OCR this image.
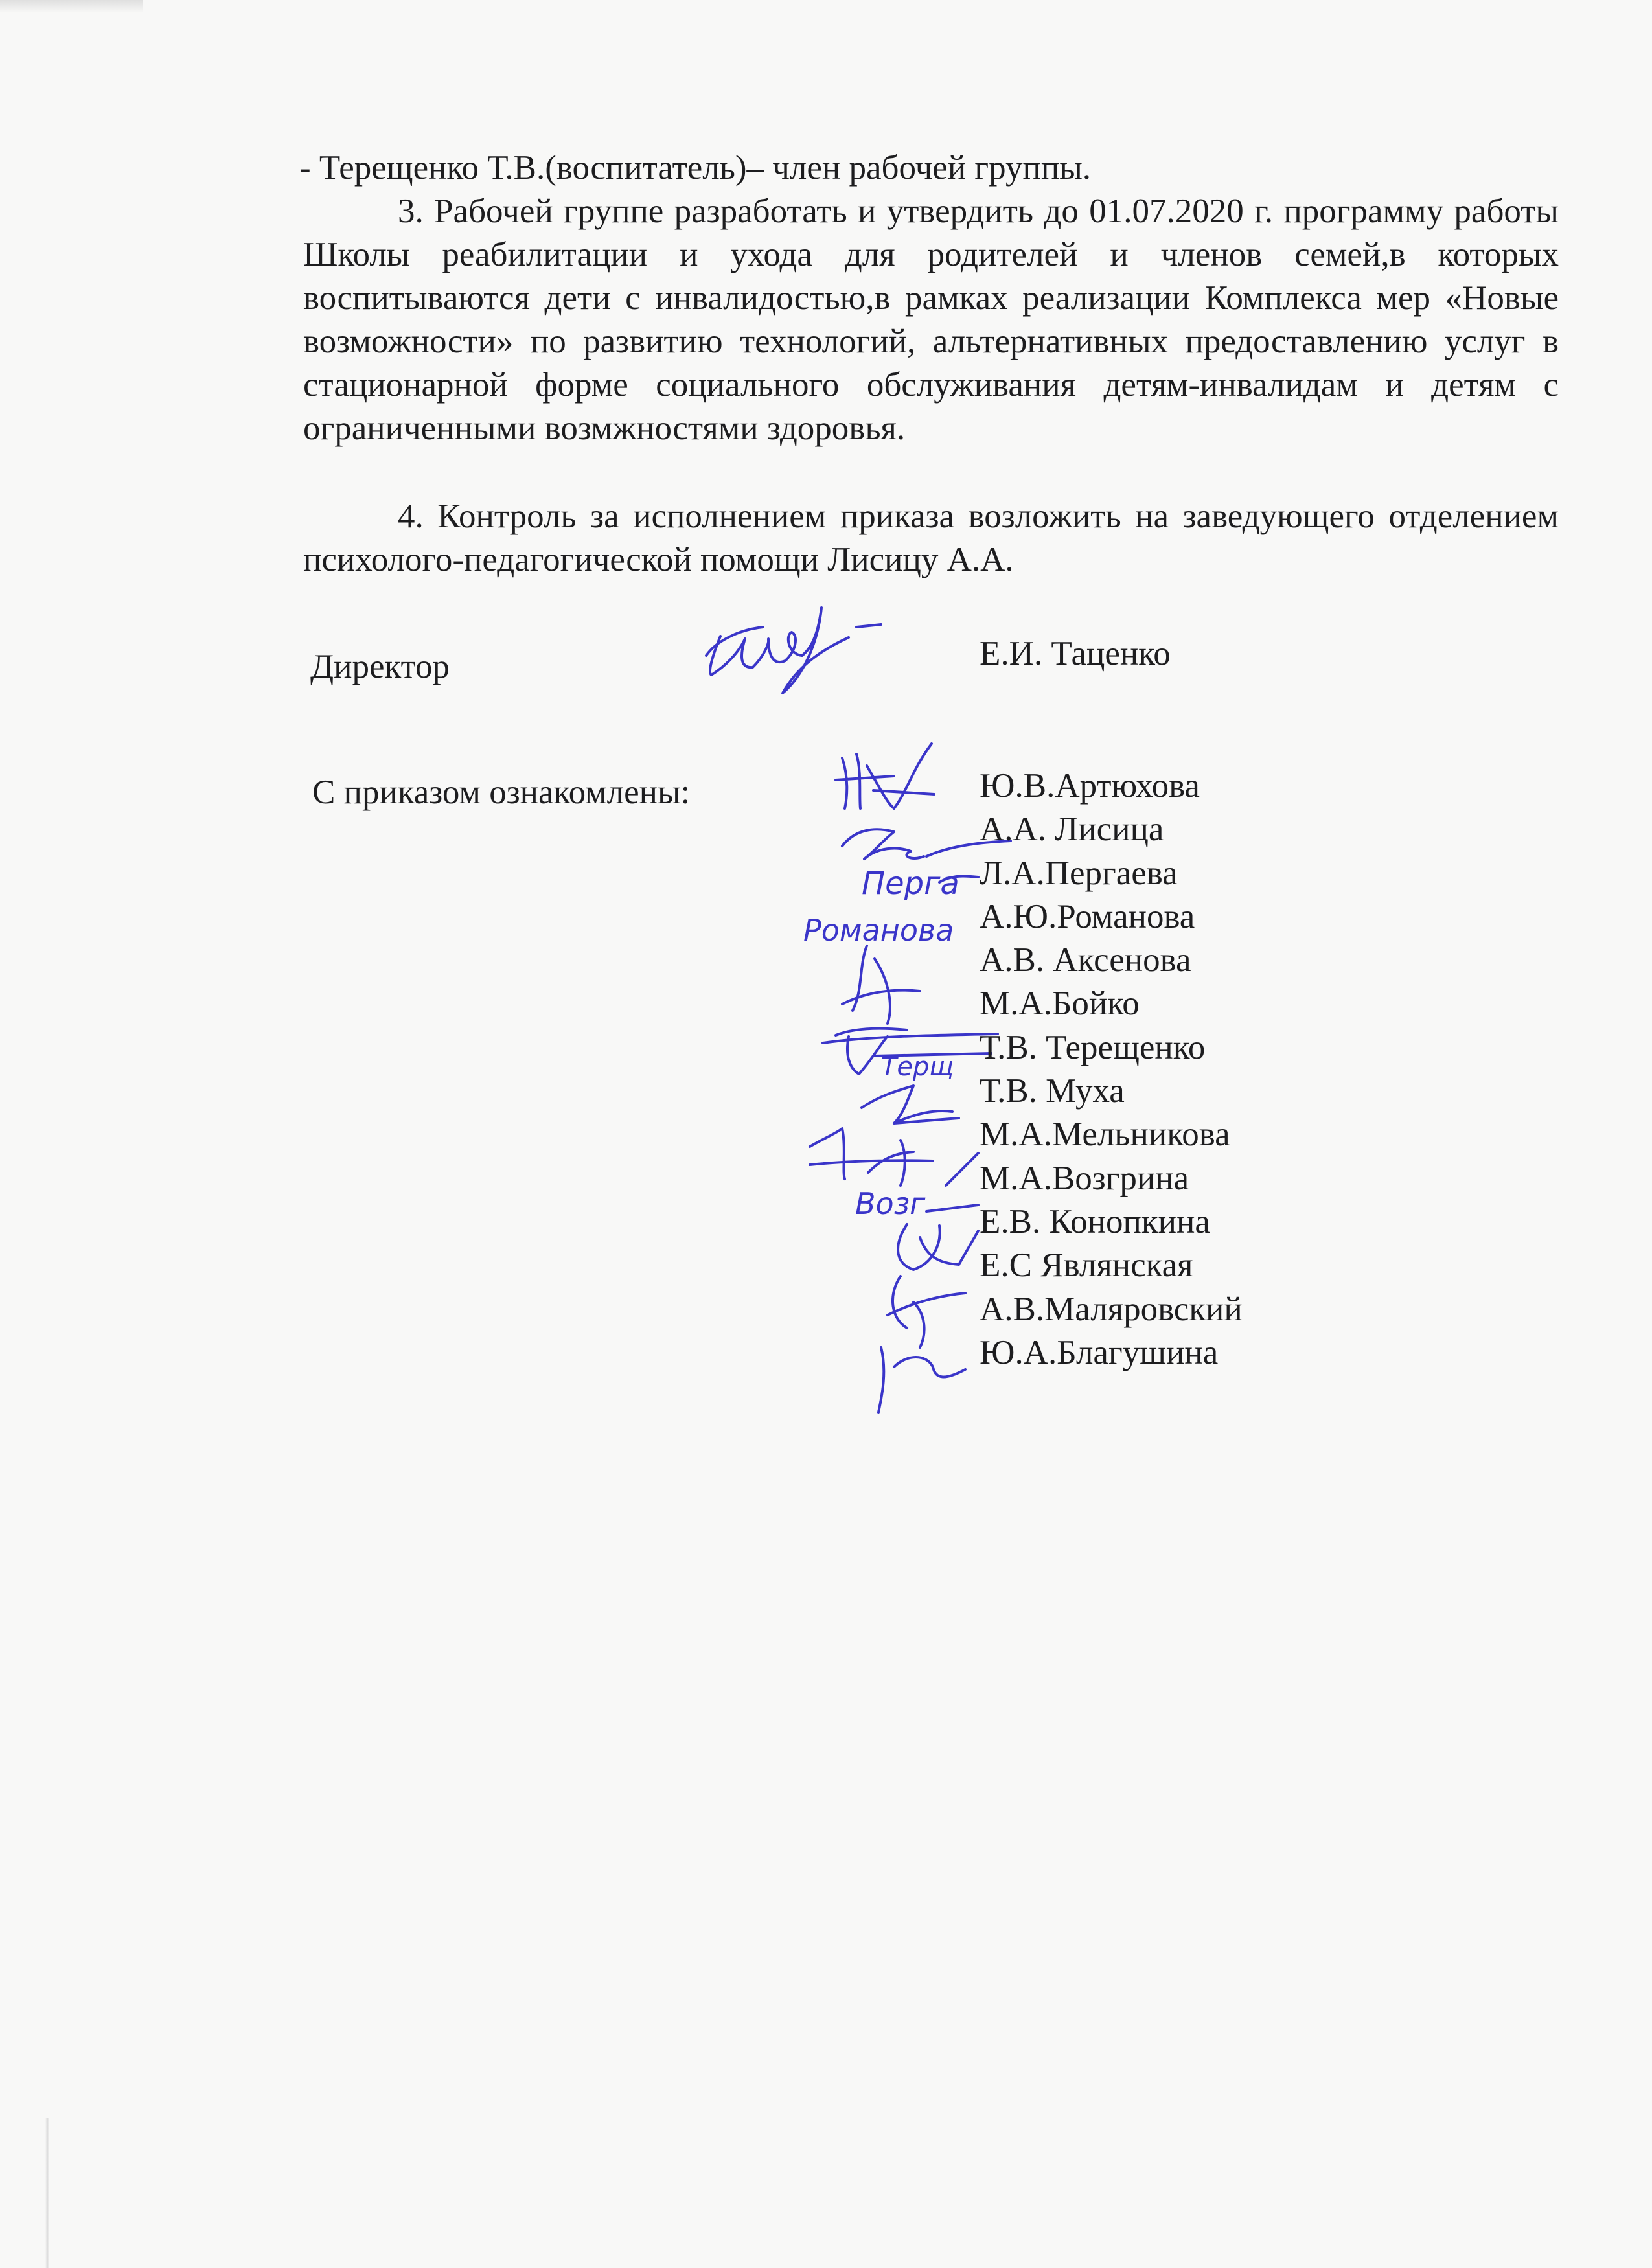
- Терещенко Т.В.(воспитатель)– член рабочей группы.

3. Рабочей группе разработать и утвердить до 01.07.2020 г. программу работы Школы реабилитации и ухода для родителей и членов семей,в которых воспитываются дети с инвалидостью,в рамках реализации Комплекса мер «Новые возможности» по развитию технологий, альтернативных предоставлению услуг в стационарной форме социального обслуживания детям-инвалидам и детям с ограниченными возмжностями здоровья.

4. Контроль за исполнением приказа возложить на заведующего отделением психолого-педагогической помощи Лисицу А.А.

Директор	Е.И. Таценко
С приказом ознакомлены:
Перга
Романова
Терщ
Возг
Ю.В.Артюхова
А.А. Лисица
Л.А.Пергаева
А.Ю.Романова
А.В. Аксенова
М.А.Бойко
Т.В. Терещенко
Т.В. Муха
М.А.Мельникова
М.А.Возгрина
Е.В. Конопкина
Е.С Являнская
А.В.Маляровский
Ю.А.Благушина
